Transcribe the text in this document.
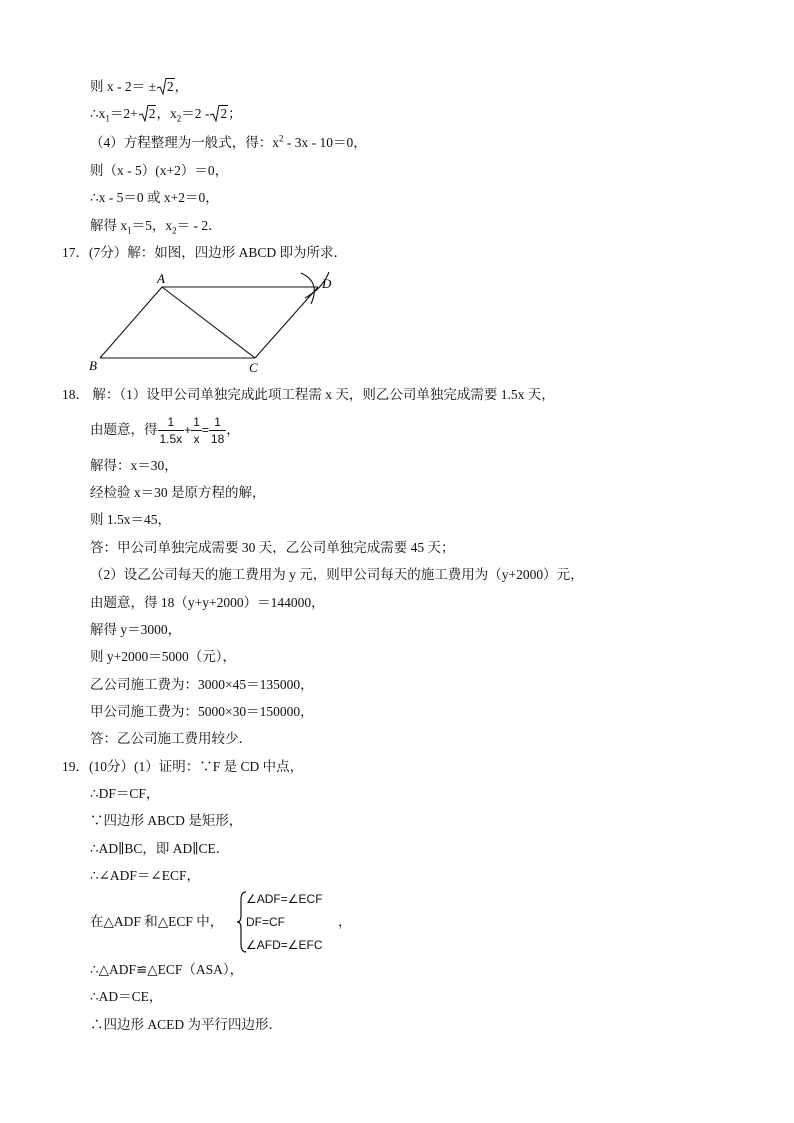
则 x - 2＝ ± 2，
$\therefore x_1=2+ 2$，$x_2=2 - 2$；
（4）方程整理为一般式，得：$x^2 - 3x - 10=0$，
则（x - 5）(x+2）＝0，
∴x - 5＝0 或 x+2＝0，
解得 $x_1=5$，$x_2= - 2$．
17．(7分）解：如图，四边形 ABCD 即为所求．
A
B	C
D
18． 解：（1）设甲公司单独完成此项工程需 x 天，则乙公司单独完成需要 1.5x 天，
由题意，得 $\frac{1}{1.5x} + \frac{1}{x} = \frac{1}{18}$ ，
解得：x＝30，
经检验 x＝30 是原方程的解，
则 1.5x＝45，
答：甲公司单独完成需要 30 天，乙公司单独完成需要 45 天；
（2）设乙公司每天的施工费用为 y 元，则甲公司每天的施工费用为（y+2000）元，
由题意，得 18（y+y+2000）＝144000，
解得 y＝3000，
则 y+2000＝5000（元），
乙公司施工费为：3000×45＝135000，
甲公司施工费为：5000×30＝150000，
答：乙公司施工费用较少．
19．(10分）(1）证明：∵F 是 CD 中点，
∴DF＝CF，
∵四边形 ABCD 是矩形，
∴AD∥BC，即 AD∥CE．
∴∠ADF＝∠ECF，
在△ADF 和△ECF 中，
∠ADF=∠ECF
DF=CF
∠AFD=∠EFC
，
∴△ADF≌△ECF（ASA），
∴AD＝CE，
∴四边形 ACED 为平行四边形．
